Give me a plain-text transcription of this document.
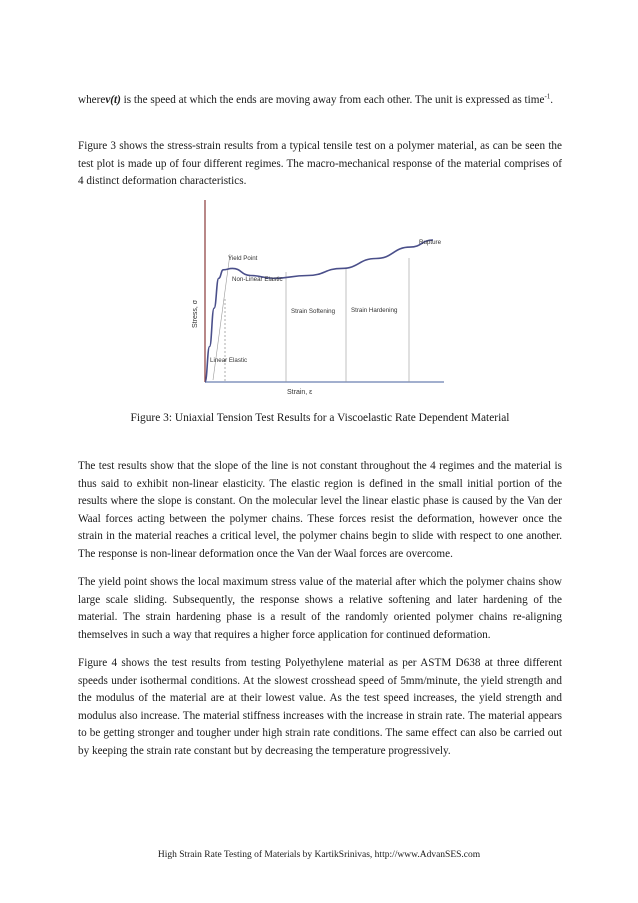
wherev(t) is the speed at which the ends are moving away from each other. The unit is expressed as time$^{-1}$.

Figure 3 shows the stress-strain results from a typical tensile test on a polymer material, as can be seen the test plot is made up of four different regimes. The macro-mechanical response of the material comprises of 4 distinct deformation characteristics.

Yield Point
Non-Linear Elastic
Strain Softening	Strain Hardening
Rupture
Linear Elastic
Strain, ε
Stress, σ

Figure 3: Uniaxial Tension Test Results for a Viscoelastic Rate Dependent Material

The test results show that the slope of the line is not constant throughout the 4 regimes and the material is thus said to exhibit non-linear elasticity. The elastic region is defined in the small initial portion of the results where the slope is constant. On the molecular level the linear elastic phase is caused by the Van der Waal forces acting between the polymer chains. These forces resist the deformation, however once the strain in the material reaches a critical level, the polymer chains begin to slide with respect to one another. The response is non-linear deformation once the Van der Waal forces are overcome.

The yield point shows the local maximum stress value of the material after which the polymer chains show large scale sliding. Subsequently, the response shows a relative softening and later hardening of the material. The strain hardening phase is a result of the randomly oriented polymer chains re-aligning themselves in such a way that requires a higher force application for continued deformation.

Figure 4 shows the test results from testing Polyethylene material as per ASTM D638 at three different speeds under isothermal conditions. At the slowest crosshead speed of 5mm/minute, the yield strength and the modulus of the material are at their lowest value. As the test speed increases, the yield strength and modulus also increase. The material stiffness increases with the increase in strain rate. The material appears to be getting stronger and tougher under high strain rate conditions. The same effect can also be carried out by keeping the strain rate constant but by decreasing the temperature progressively.

High Strain Rate Testing of Materials by KartikSrinivas, http://www.AdvanSES.com
